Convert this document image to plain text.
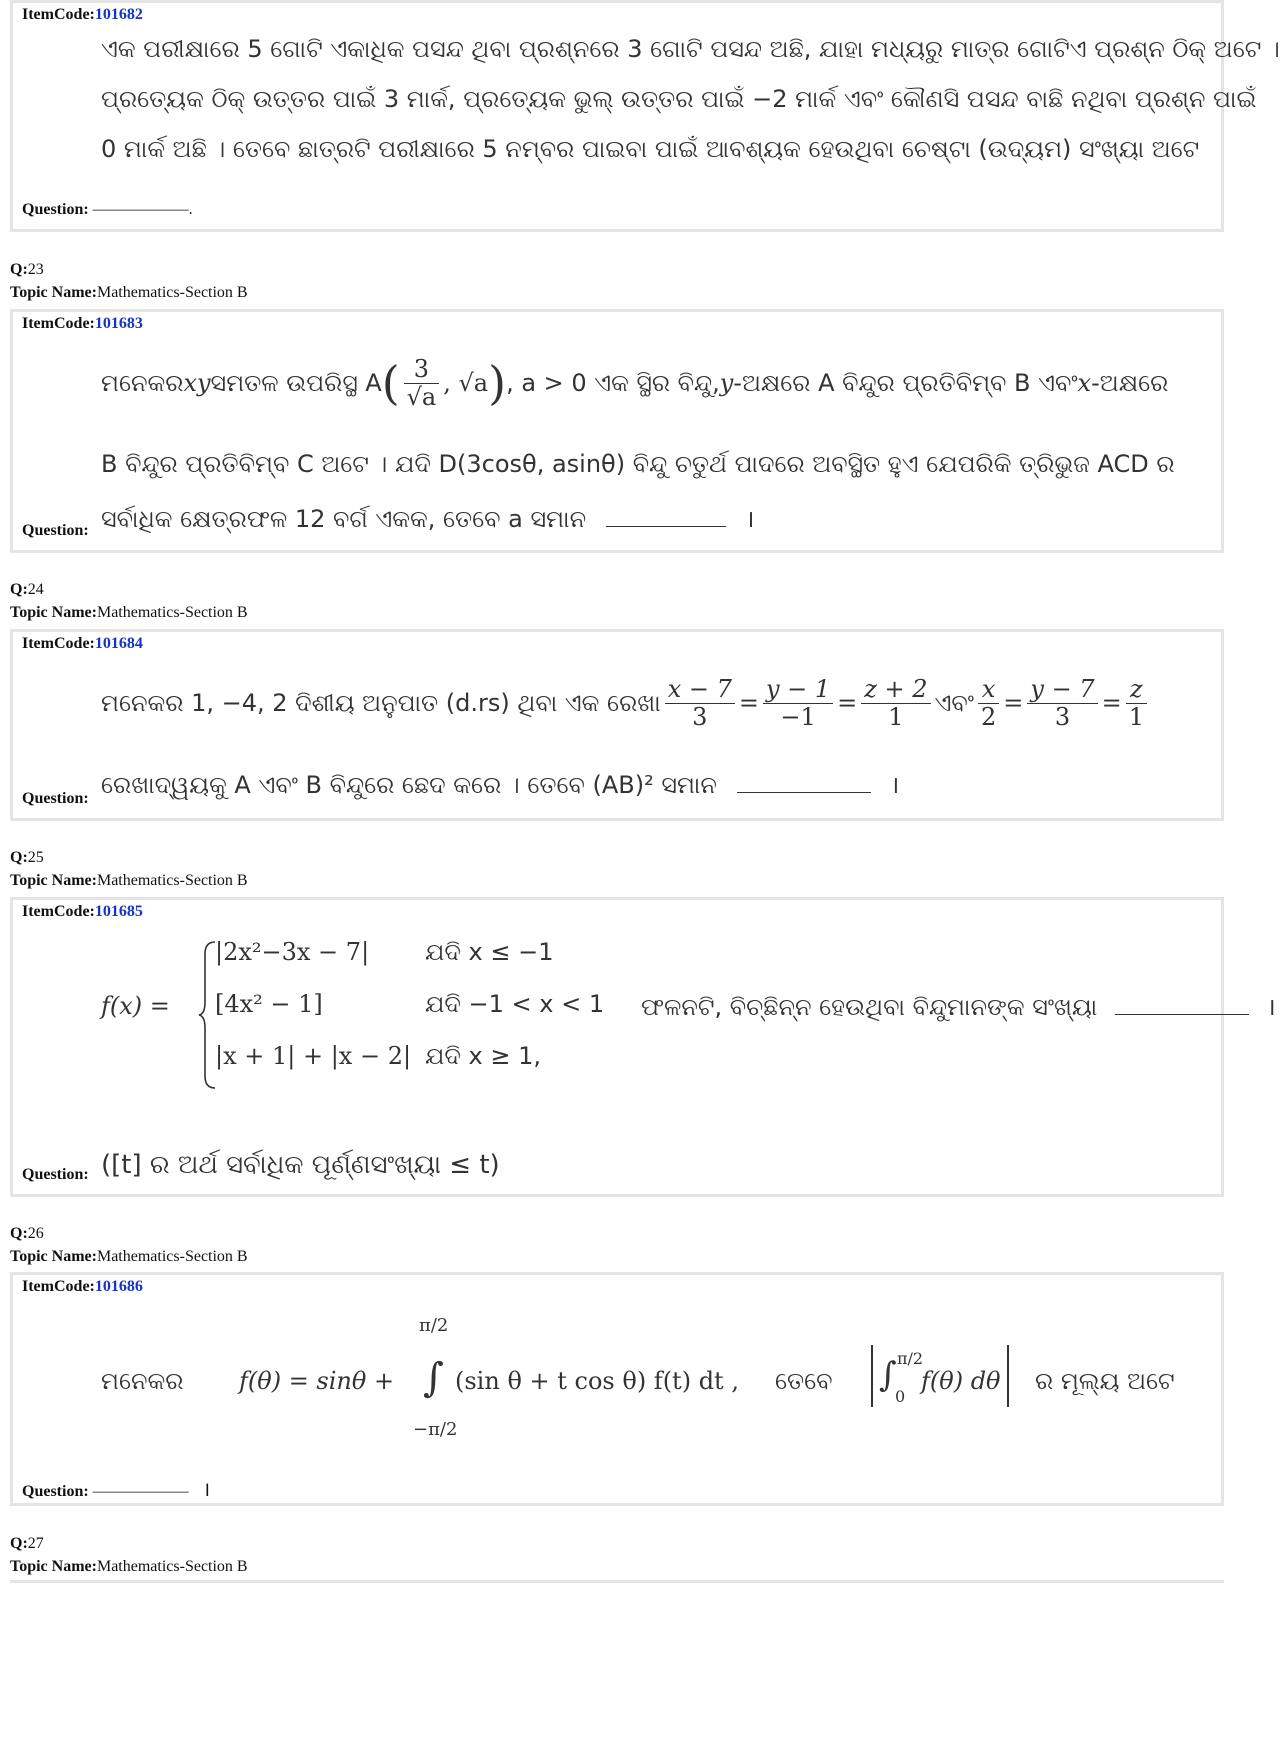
ItemCode:101682
ଏକ ପରୀକ୍ଷାରେ 5 ଗୋଟି ଏକାଧିକ ପସନ୍ଦ ଥିବା ପ୍ରଶ୍ନରେ 3 ଗୋଟି ପସନ୍ଦ ଅଛି, ଯାହା ମଧ୍ୟରୁ ମାତ୍ର ଗୋଟିଏ ପ୍ରଶ୍ନ ଠିକ୍ ଅଟେ ।
ପ୍ରତ୍ୟେକ ଠିକ୍ ଉତ୍ତର ପାଇଁ 3 ମାର୍କ, ପ୍ରତ୍ୟେକ ଭୁଲ୍ ଉତ୍ତର ପାଇଁ −2 ମାର୍କ ଏବଂ କୌଣସି ପସନ୍ଦ ବାଛି ନଥିବା ପ୍ରଶ୍ନ ପାଇଁ
0 ମାର୍କ ଅଛି । ତେବେ ଛାତ୍ରଟି ପରୀକ୍ଷାରେ 5 ନମ୍ବର ପାଇବା ପାଇଁ ଆବଶ୍ୟକ ହେଉଥିବା ଚେଷ୍ଟା (ଉଦ୍ୟମ) ସଂଖ୍ୟା ଅଟେ
Question: ——————.
Q:23
Topic Name:Mathematics-Section B
ItemCode:101683
ମନେକର xy ସମତଳ ଉପରିସ୍ଥ A ( $\frac{3}{√a}$ , √a ) , a > 0 ଏକ ସ୍ଥିର ବିନ୍ଦୁ, y -ଅକ୍ଷରେ A ବିନ୍ଦୁର ପ୍ରତିବିମ୍ବ B ଏବଂ x -ଅକ୍ଷରେ
B ବିନ୍ଦୁର ପ୍ରତିବିମ୍ବ C ଅଟେ । ଯଦି D(3cosθ, asinθ) ବିନ୍ଦୁ ଚତୁର୍ଥ ପାଦରେ ଅବସ୍ଥିତ ହୁଏ ଯେପରିକି ତ୍ରିଭୁଜ ACD ର
ସର୍ବାଧିକ କ୍ଷେତ୍ରଫଳ 12 ବର୍ଗ ଏକକ, ତେବେ a ସମାନ	।
Question:
Q:24
Topic Name:Mathematics-Section B
ItemCode:101684
ମନେକର 1, −4, 2 ଦିଶୀୟ ଅନୁପାତ (d.rs) ଥିବା ଏକ ରେଖା $\frac{x - 7}{3} = \frac{y - 1}{-1} = \frac{z + 2}{1}$ ଏବଂ $\frac{x}{2} = \frac{y - 7}{3} = \frac{z}{1}$
ରେଖାଦ୍ୱୟକୁ A ଏବଂ B ବିନ୍ଦୁରେ ଛେଦ କରେ । ତେବେ (AB)² ସମାନ	।
Question:
Q:25
Topic Name:Mathematics-Section B
ItemCode:101685
f(x) =
|2x²−3x − 7| ଯଦି x ≤ −1
[4x² − 1]	ଯଦି −1 < x < 1 ଫଳନଟି, ବିଚ୍ଛିନ୍ନ ହେଉଥିବା ବିନ୍ଦୁମାନଙ୍କ ସଂଖ୍ୟା	।
|x + 1| + |x − 2| ଯଦି x ≥ 1,
([t] ର ଅର୍ଥ ସର୍ବାଧିକ ପୂର୍ଣ୍ଣସଂଖ୍ୟା ≤ t)
Question:
Q:26
Topic Name:Mathematics-Section B
ItemCode:101686
ମନେକର f(θ) = sinθ +
π/2
∫
−π/2
(sin θ + t cos θ) f(t) dt , ତେବେ ∫ π/2
0
f(θ) dθ ର ମୂଲ୍ୟ ଅଟେ
Question: —————— ।
Q:27
Topic Name:Mathematics-Section B
